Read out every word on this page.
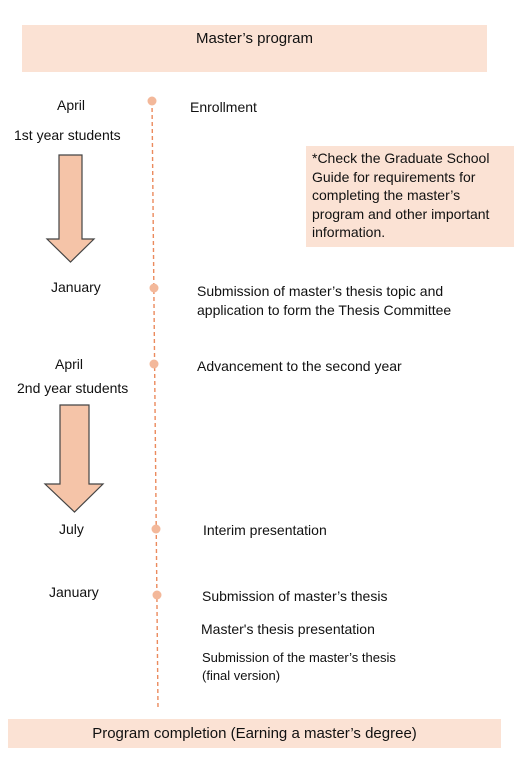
Master’s program
April	Enrollment
1st year students
*Check the Graduate School Guide for requirements for completing the master’s program and other important information.
January	Submission of master’s thesis topic and application to form the Thesis Committee
April	Advancement to the second year
2nd year students
July	Interim presentation
January	Submission of master’s thesis
Master's thesis presentation
Submission of the master’s thesis (final version)
Program completion (Earning a master’s degree)
